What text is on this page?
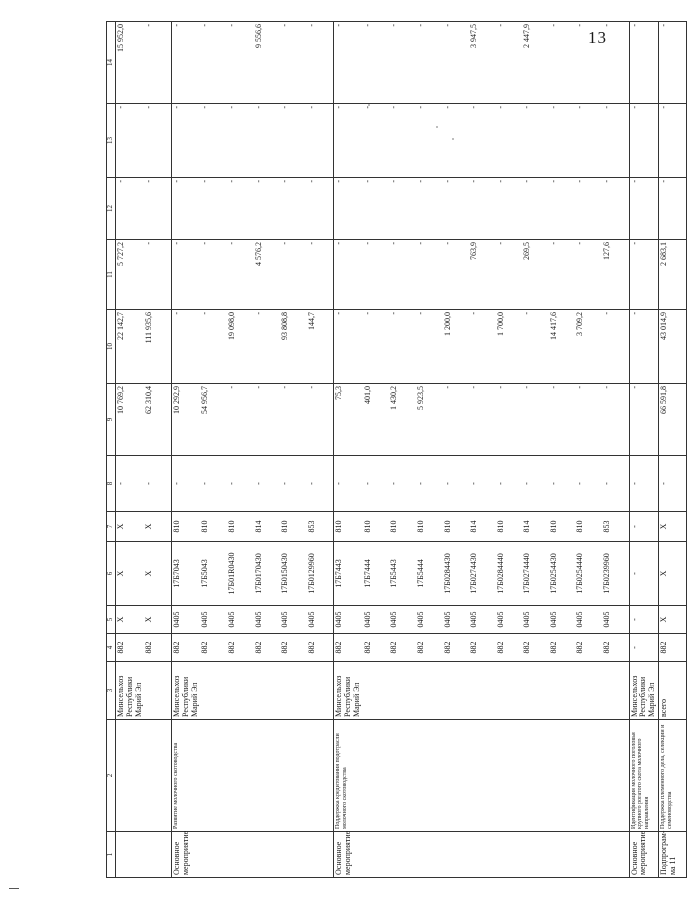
13
1	2	3	4	5	6	7	8	9	10	11	12	13	14
		Минсельхоз Республики Марий Эл	882	X	X	X	-	10 769,2	22 142,7	5 727,2	-	-	15 952,0
			882	X	X	X	-	62 310,4	111 935,6	-	-	-	-
Основное мероприятие	Развитие молочного скотоводства	Минсельхоз Республики Марий Эл	882	0405	17Б7043	810	-	10 292,9	-	-	-	-	-
			882	0405	17Б5043	810	-	54 956,7	-	-	-	-	-
			882	0405	17Б01R0430	810	-	-	19 098,0	-	-	-	-
			882	0405	17Б0170430	814	-	-	-	4 576,2	-	-	9 556,6
			882	0405	17Б0150430	810	-	-	93 808,8	-	-	-	-
			882	0405	17Б0129960	853	-	-	144,7	-	-	-	-
Основное мероприятие	Поддержка кредитования подотрасли молочного скотоводства	Минсельхоз Республики Марий Эл	882	0405	17Б7443	810	-	75,3	-	-	-	-	-
			882	0405	17Б7444	810	-	401,0	-	-	-	-	-
			882	0405	17Б5443	810	-	1 430,2	-	-	-	-	-
			882	0405	17Б5444	810	-	5 923,5	-	-	-	-	-
			882	0405	17Б0284430	810	-	-	1 200,0	-	-	-	-
			882	0405	17Б0274430	814	-	-	-	763,9	-	-	3 947,5
			882	0405	17Б0284440	810	-	-	1 700,0	-	-	-	-
			882	0405	17Б0274440	814	-	-	-	269,5	-	-	2 447,9
			882	0405	17Б0254430	810	-	-	14 417,6	-	-	-	-
			882	0405	17Б0254440	810	-	-	3 709,2	-	-	-	-
			882	0405	17Б0239960	853	-	-	-	127,6	-	-	-
Основное мероприятие	Идентификация молочного поголовья крупного рогатого скота молочного направления	Минсельхоз Республики Марий Эл	-	-	-	-	-	-	-	-	-	-	-
Подпрограм- ма 11	Поддержка племенного дела, селекции и семеноводства	всего	882	X	X	X	-	66 591,8	43 014,9	2 683,1	-	-	-
